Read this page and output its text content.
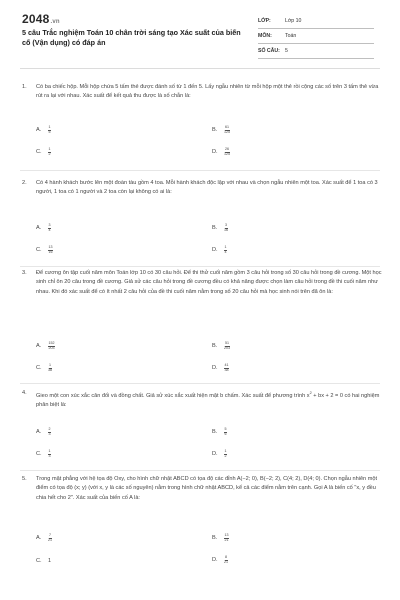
2048.vn
5 câu Trắc nghiệm Toán 10 chân trời sáng tạo Xác suất của biến cố (Vận dụng) có đáp án
LỚP:	Lớp 10
MÔN:	Toán
SỐ CÂU: 5
1.	Có ba chiếc hộp. Mỗi hộp chứa 5 tấm thẻ được đánh số từ 1 đến 5. Lấy ngẫu nhiên từ mỗi hộp một thẻ rồi cộng các số trên 3 tấm thẻ vừa rút ra lại với nhau. Xác suất để kết quả thu được là số chẵn là:
A.	$\frac{1}{5}$	B.	$\frac{61}{125}$
C.	$\frac{1}{2}$	D.	$\frac{26}{125}$
2.	Có 4 hành khách bước lên một đoàn tàu gồm 4 toa. Mỗi hành khách độc lập với nhau và chọn ngẫu nhiên một toa. Xác suất để 1 toa có 3 người, 1 toa có 1 người và 2 toa còn lại không có ai là:
A.	$\frac{3}{4}$	B.	$\frac{3}{16}$
C.	$\frac{13}{16}$	D.	$\frac{1}{4}$
3.	Để cương ôn tập cuối năm môn Toán lớp 10 có 30 câu hỏi. Để thi thử cuối năm gồm 3 câu hỏi trong số 30 câu hỏi trong đề cương. Một học sinh chỉ ôn 20 câu trong đề cương. Giả sử các câu hỏi trong đề cương đều có khả năng được chọn làm câu hỏi trong đề thi cuối năm như nhau. Khi đó xác suất để có ít nhất 2 câu hỏi của đề thi cuối năm nằm trong số 20 câu hỏi mà học sinh nói trên đã ôn là:
A.	$\frac{152}{203}$	B.	$\frac{51}{203}$
C.	$\frac{1}{38}$	D.	$\frac{41}{38}$
4.	Gieo một con xúc xắc cân đối và đồng chất. Giả sử xúc xắc xuất hiện mặt b chấm. Xác suất để phương trình $x^2$ + bx + 2 = 0 có hai nghiệm phân biệt là:
A.	$\frac{2}{3}$	B.	$\frac{5}{6}$
C.	$\frac{1}{3}$	D.	$\frac{1}{2}$
5.	Trong mặt phẳng với hệ tọa độ Oxy, cho hình chữ nhật ABCD có tọa độ các đỉnh A(−2; 0), B(−2; 2), C(4; 2), D(4; 0). Chọn ngẫu nhiên một điểm có tọa độ (x; y) (với x, y là các số nguyên) nằm trong hình chữ nhật ABCD, kể cả các điểm nằm trên cạnh. Gọi A là biến cố "x, y đều chia hết cho 2". Xác suất của biến cố A là:
A.	$\frac{7}{21}$	B.	$\frac{13}{21}$
C.	1	D.	$\frac{8}{21}$
